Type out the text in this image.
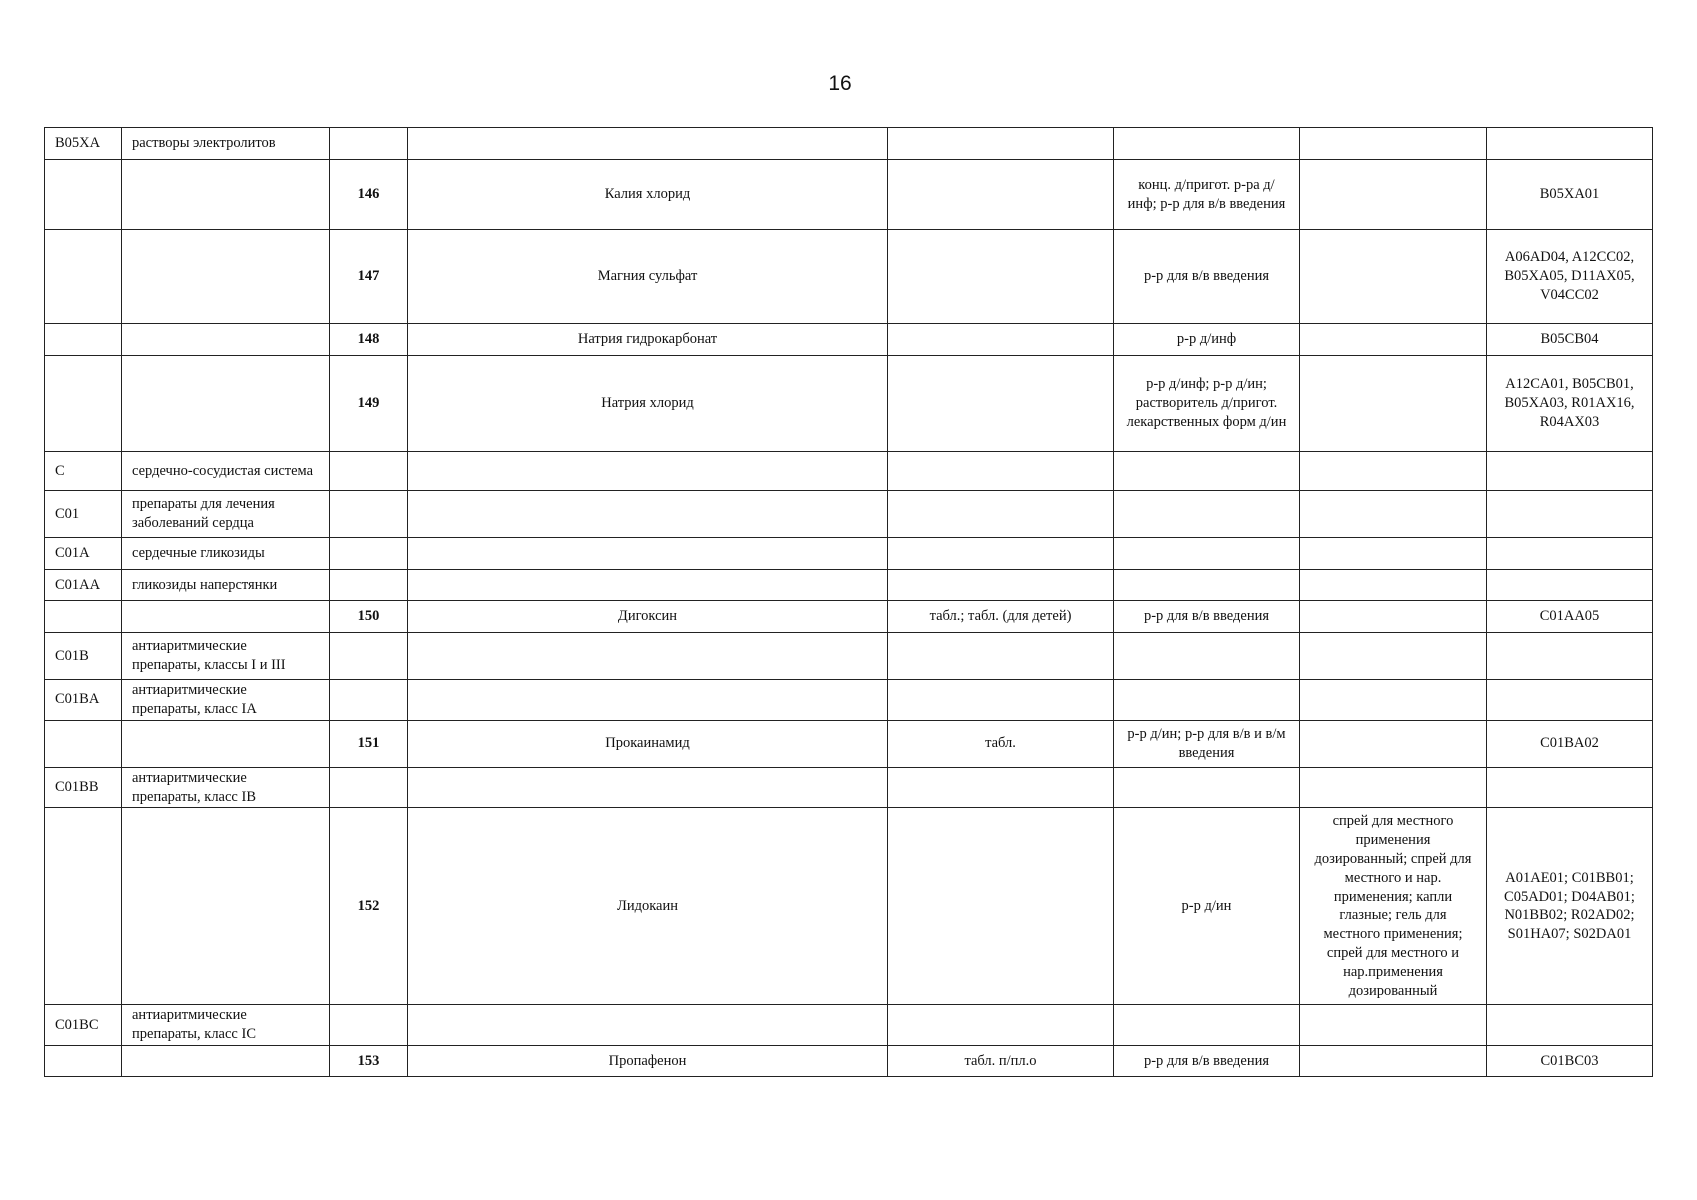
16
B05XA	растворы электролитов						
		146	Калия хлорид		конц. д/пригот. р-ра д/инф; р-р для в/в введения		B05XA01
		147	Магния сульфат		р-р для в/в введения		A06AD04, A12CC02, B05XA05, D11AX05, V04CC02
		148	Натрия гидрокарбонат		р-р д/инф		B05CB04
		149	Натрия хлорид		р-р д/инф; р-р д/ин; растворитель д/пригот. лекарственных форм д/ин		A12CA01, B05CB01, B05XA03, R01AX16, R04AX03
C	сердечно-сосудистая система						
C01	препараты для лечения заболеваний сердца						
C01A	сердечные гликозиды						
C01AA	гликозиды наперстянки						
		150	Дигоксин	табл.; табл. (для детей)	р-р для в/в введения		C01AA05
C01B	антиаритмические препараты, классы I и III						
C01BA	антиаритмические препараты, класс IA						
		151	Прокаинамид	табл.	р-р д/ин; р-р для в/в и в/м введения		C01BA02
C01BB	антиаритмические препараты, класс IB						
		152	Лидокаин		р-р д/ин	спрей для местного применения дозированный; спрей для местного и нар. применения; капли глазные; гель для местного применения; спрей для местного и нар.применения дозированный	A01AE01; C01BB01; C05AD01; D04AB01; N01BB02; R02AD02; S01HA07; S02DA01
C01BC	антиаритмические препараты, класс IC						
		153	Пропафенон	табл. п/пл.о	р-р для в/в введения		C01BC03
